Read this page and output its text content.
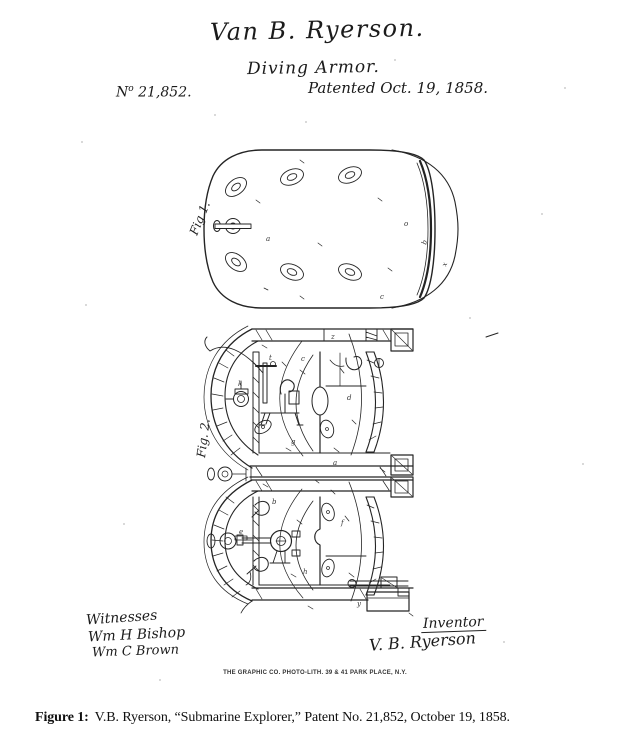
Van B. Ryerson.
Diving Armor.
$N^o$ 21,852.	Patented Oct. 19, 1858.
Fig 1.
a
o
b
x
c
Fig. 2.
z
c
t
d
g
a
b
f
h
y
k
e
Witnesses
Wm H Bishop
Wm C Brown
Inventor
V. B. Ryerson
THE GRAPHIC CO. PHOTO-LITH. 39 & 41 PARK PLACE, N.Y.
Figure 1: V.B. Ryerson, “Submarine Explorer,” Patent No. 21,852, October 19, 1858.
